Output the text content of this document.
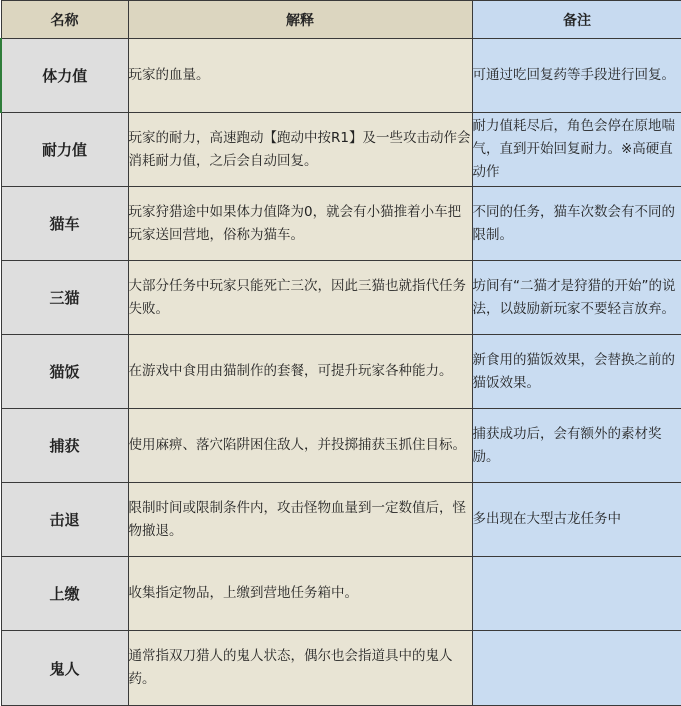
名称	解释	备注
体力值	玩家的血量。	可通过吃回复药等手段进行回复。
耐力值	玩家的耐力，高速跑动【跑动中按R1】及一些攻击动作会消耗耐力值，之后会自动回复。	耐力值耗尽后，角色会停在原地喘气，直到开始回复耐力。※高硬直动作
猫车	玩家狩猎途中如果体力值降为0，就会有小猫推着小车把玩家送回营地，俗称为猫车。	不同的任务，猫车次数会有不同的限制。
三猫	大部分任务中玩家只能死亡三次，因此三猫也就指代任务失败。	坊间有“二猫才是狩猎的开始”的说法，以鼓励新玩家不要轻言放弃。
猫饭	在游戏中食用由猫制作的套餐，可提升玩家各种能力。	新食用的猫饭效果，会替换之前的猫饭效果。
捕获	使用麻痹、落穴陷阱困住敌人，并投掷捕获玉抓住目标。	捕获成功后，会有额外的素材奖励。
击退	限制时间或限制条件内，攻击怪物血量到一定数值后，怪物撤退。	多出现在大型古龙任务中
上缴	收集指定物品，上缴到营地任务箱中。	
鬼人	通常指双刀猎人的鬼人状态，偶尔也会指道具中的鬼人药。	
